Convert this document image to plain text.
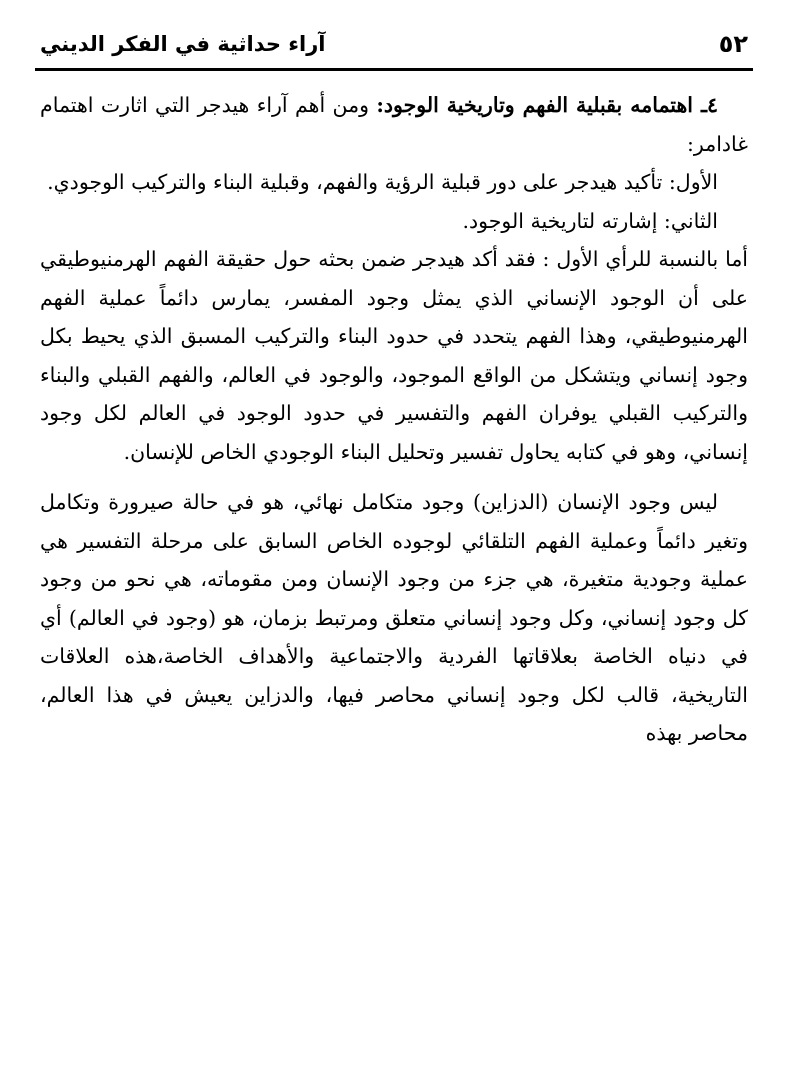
٥٢
آراء حداثية في الفكر الديني

٤ـ اهتمامه بقبلية الفهم وتاريخية الوجود: ومن أهم آراء هيدجر التي اثارت اهتمام غادامر:

الأول: تأكيد هيدجر على دور قبلية الرؤية والفهم، وقبلية البناء والتركيب الوجودي.

الثاني: إشارته لتاريخية الوجود.

أما بالنسبة للرأي الأول : فقد أكد هيدجر ضمن بحثه حول حقيقة الفهم الهرمنيوطيقي على أن الوجود الإنساني الذي يمثل وجود المفسر، يمارس دائماً عملية الفهم الهرمنيوطيقي، وهذا الفهم يتحدد في حدود البناء والتركيب المسبق الذي يحيط بكل وجود إنساني ويتشكل من الواقع الموجود، والوجود في العالم، والفهم القبلي والبناء والتركيب القبلي يوفران الفهم والتفسير في حدود الوجود في العالم لكل وجود إنساني، وهو في كتابه يحاول تفسير وتحليل البناء الوجودي الخاص للإنسان.

ليس وجود الإنسان (الدزاين) وجود متكامل نهائي، هو في حالة صيرورة وتكامل وتغير دائماً وعملية الفهم التلقائي لوجوده الخاص السابق على مرحلة التفسير هي عملية وجودية متغيرة، هي جزء من وجود الإنسان ومن مقوماته، هي نحو من وجود كل وجود إنساني، وكل وجود إنساني متعلق ومرتبط بزمان، هو (وجود في العالم) أي في دنياه الخاصة بعلاقاتها الفردية والاجتماعية والأهداف الخاصة،هذه العلاقات التاريخية، قالب لكل وجود إنساني محاصر فيها، والدزاين يعيش في هذا العالم، محاصر بهذه
